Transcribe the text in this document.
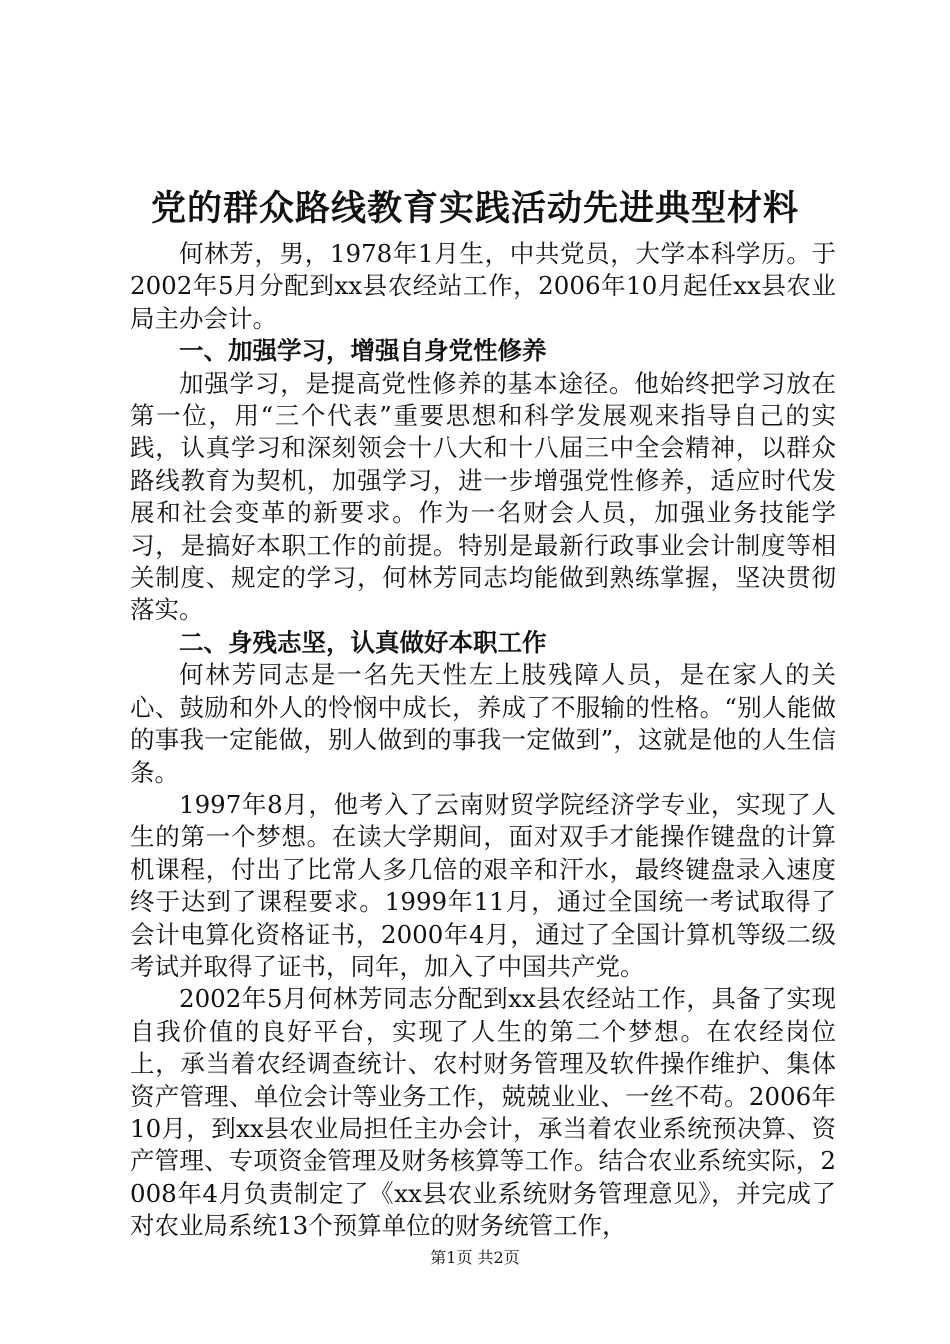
党的群众路线教育实践活动先进典型材料

何林芳，男，1978年1月生，中共党员，大学本科学历。于2002年5月分配到xx县农经站工作，2006年10月起任xx县农业局主办会计。

一、加强学习，增强自身党性修养

加强学习，是提高党性修养的基本途径。他始终把学习放在第一位，用“三个代表”重要思想和科学发展观来指导自己的实践，认真学习和深刻领会十八大和十八届三中全会精神，以群众路线教育为契机，加强学习，进一步增强党性修养，适应时代发展和社会变革的新要求。作为一名财会人员，加强业务技能学习，是搞好本职工作的前提。特别是最新行政事业会计制度等相关制度、规定的学习，何林芳同志均能做到熟练掌握，坚决贯彻落实。

二、身残志坚，认真做好本职工作

何林芳同志是一名先天性左上肢残障人员，是在家人的关心、鼓励和外人的怜悯中成长，养成了不服输的性格。“别人能做的事我一定能做，别人做到的事我一定做到”，这就是他的人生信条。

1997年8月，他考入了云南财贸学院经济学专业，实现了人生的第一个梦想。在读大学期间，面对双手才能操作键盘的计算机课程，付出了比常人多几倍的艰辛和汗水，最终键盘录入速度终于达到了课程要求。1999年11月，通过全国统一考试取得了会计电算化资格证书，2000年4月，通过了全国计算机等级二级考试并取得了证书，同年，加入了中国共产党。

2002年5月何林芳同志分配到xx县农经站工作，具备了实现自我价值的良好平台，实现了人生的第二个梦想。在农经岗位上，承当着农经调查统计、农村财务管理及软件操作维护、集体资产管理、单位会计等业务工作，兢兢业业、一丝不苟。2006年10月，到xx县农业局担任主办会计，承当着农业系统预决算、资产管理、专项资金管理及财务核算等工作。结合农业系统实际，2008年4月负责制定了《xx县农业系统财务管理意见》，并完成了对农业局系统13个预算单位的财务统管工作，

第1页 共2页
